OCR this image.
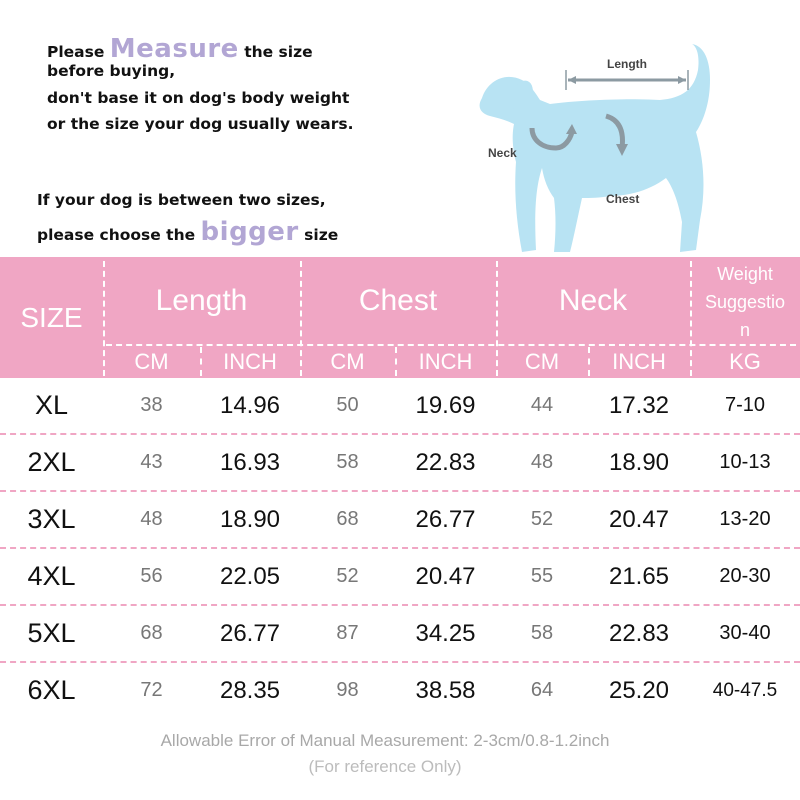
Please Measure the size
before buying,
don't base it on dog's body weight
or the size your dog usually wears.
If your dog is between two sizes,
please choose the bigger size
Length
Neck
Chest
SIZE	Length	Chest	Neck
Weight
Suggestio
n
CM	INCH	CM	INCH	CM	INCH	KG
XL	38	14.96	50	19.69	44	17.32	7-10
2XL	43	16.93	58	22.83	48	18.90	10-13
3XL	48	18.90	68	26.77	52	20.47	13-20
4XL	56	22.05	52	20.47	55	21.65	20-30
5XL	68	26.77	87	34.25	58	22.83	30-40
6XL	72	28.35	98	38.58	64	25.20	40-47.5
Allowable Error of Manual Measurement: 2-3cm/0.8-1.2inch
(For reference Only)
